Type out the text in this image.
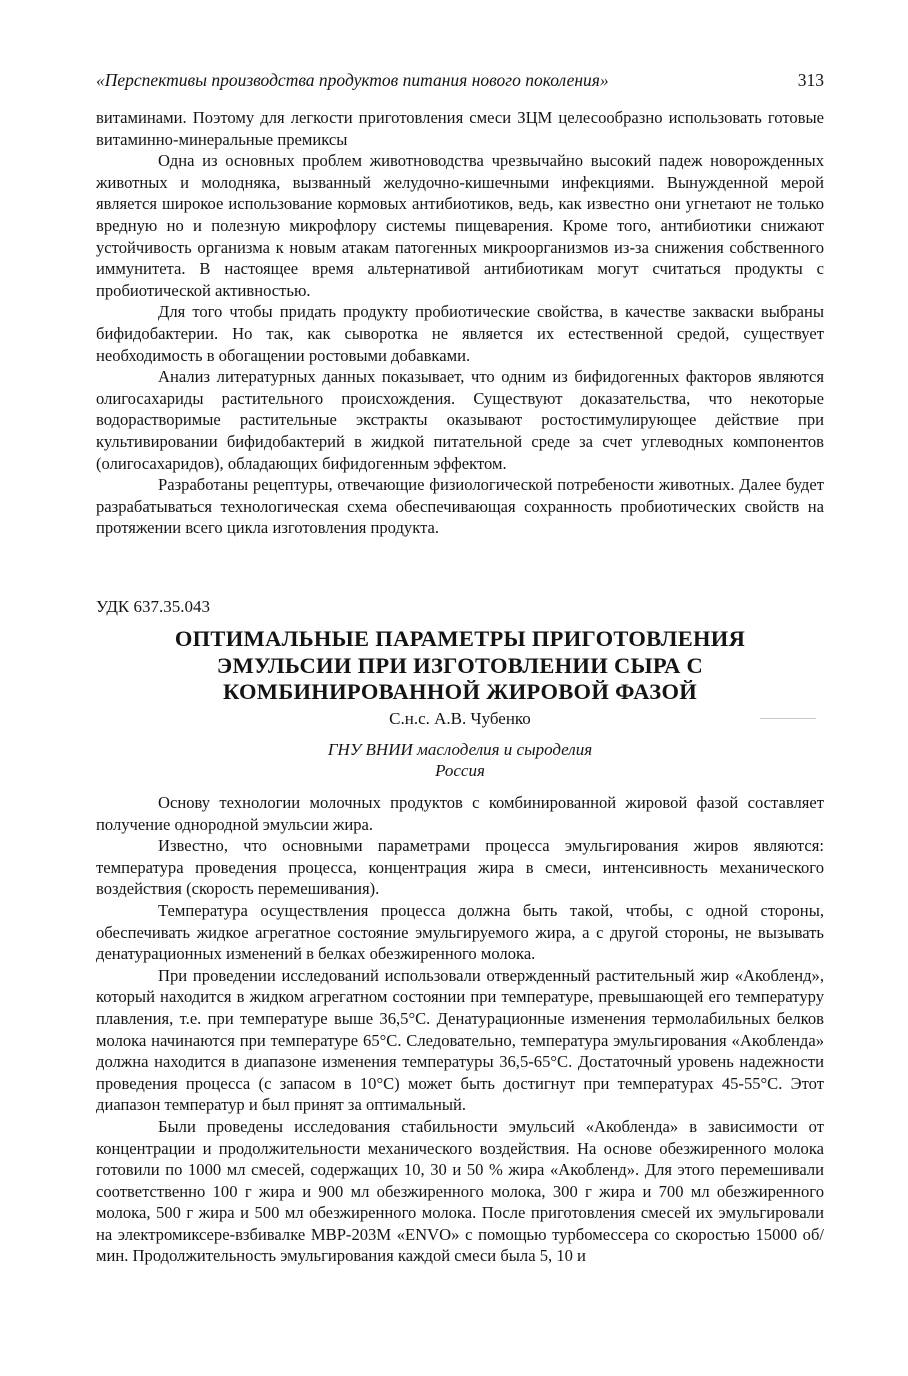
«Перспективы производства продуктов питания нового поколения»	313

витаминами. Поэтому для легкости приготовления смеси ЗЦМ целесообразно использовать готовые витаминно-минеральные премиксы

Одна из основных проблем животноводства чрезвычайно высокий падеж новорожденных животных и молодняка, вызванный желудочно-кишечными инфекциями. Вынужденной мерой является широкое использование кормовых антибиотиков, ведь, как известно они угнетают не только вредную но и полезную микрофлору системы пищеварения. Кроме того, антибиотики снижают устойчивость организма к новым атакам патогенных микроорганизмов из-за снижения собственного иммунитета. В настоящее время альтернативой антибиотикам могут считаться продукты с пробиотической активностью.

Для того чтобы придать продукту пробиотические свойства, в качестве закваски выбраны бифидобактерии. Но так, как сыворотка не является их естественной средой, существует необходимость в обогащении ростовыми добавками.

Анализ литературных данных показывает, что одним из бифидогенных факторов являются олигосахариды растительного происхождения. Существуют доказательства, что некоторые водорастворимые растительные экстракты оказывают ростостимулирующее действие при культивировании бифидобактерий в жидкой питательной среде за счет углеводных компонентов (олигосахаридов), обладающих бифидогенным эффектом.

Разработаны рецептуры, отвечающие физиологической потребености животных. Далее будет разрабатываться технологическая схема обеспечивающая сохранность пробиотических свойств на протяжении всего цикла изготовления продукта.

УДК 637.35.043
ОПТИМАЛЬНЫЕ ПАРАМЕТРЫ ПРИГОТОВЛЕНИЯ
ЭМУЛЬСИИ ПРИ ИЗГОТОВЛЕНИИ СЫРА С
КОМБИНИРОВАННОЙ ЖИРОВОЙ ФАЗОЙ
С.н.с. А.В. Чубенко
ГНУ ВНИИ маслоделия и сыроделия
Россия

Основу технологии молочных продуктов с комбинированной жировой фазой составляет получение однородной эмульсии жира.

Известно, что основными параметрами процесса эмульгирования жиров являются: температура проведения процесса, концентрация жира в смеси, интенсивность механического воздействия (скорость перемешивания).

Температура осуществления процесса должна быть такой, чтобы, с одной стороны, обеспечивать жидкое агрегатное состояние эмульгируемого жира, а с другой стороны, не вызывать денатурационных изменений в белках обезжиренного молока.

При проведении исследований использовали отвержденный растительный жир «Акобленд», который находится в жидком агрегатном состоянии при температуре, превышающей его температуру плавления, т.е. при температуре выше 36,5°С. Денатурационные изменения термолабильных белков молока начинаются при температуре 65°С. Следовательно, температура эмульгирования «Акобленда» должна находится в диапазоне изменения температуры 36,5-65°С. Достаточный уровень надежности проведения процесса (с запасом в 10°С) может быть достигнут при температурах 45-55°С. Этот диапазон температур и был принят за оптимальный.

Были проведены исследования стабильности эмульсий «Акобленда» в зависимости от концентрации и продолжительности механического воздействия. На основе обезжиренного молока готовили по 1000 мл смесей, содержащих 10, 30 и 50 % жира «Акобленд». Для этого перемешивали соответственно 100 г жира и 900 мл обезжиренного молока, 300 г жира и 700 мл обезжиренного молока, 500 г жира и 500 мл обезжиренного молока. После приготовления смесей их эмульгировали на электромиксере-взбивалке МВР-203М «ENVO» с помощью турбомессера со скоростью 15000 об/мин. Продолжительность эмульгирования каждой смеси была 5, 10 и
